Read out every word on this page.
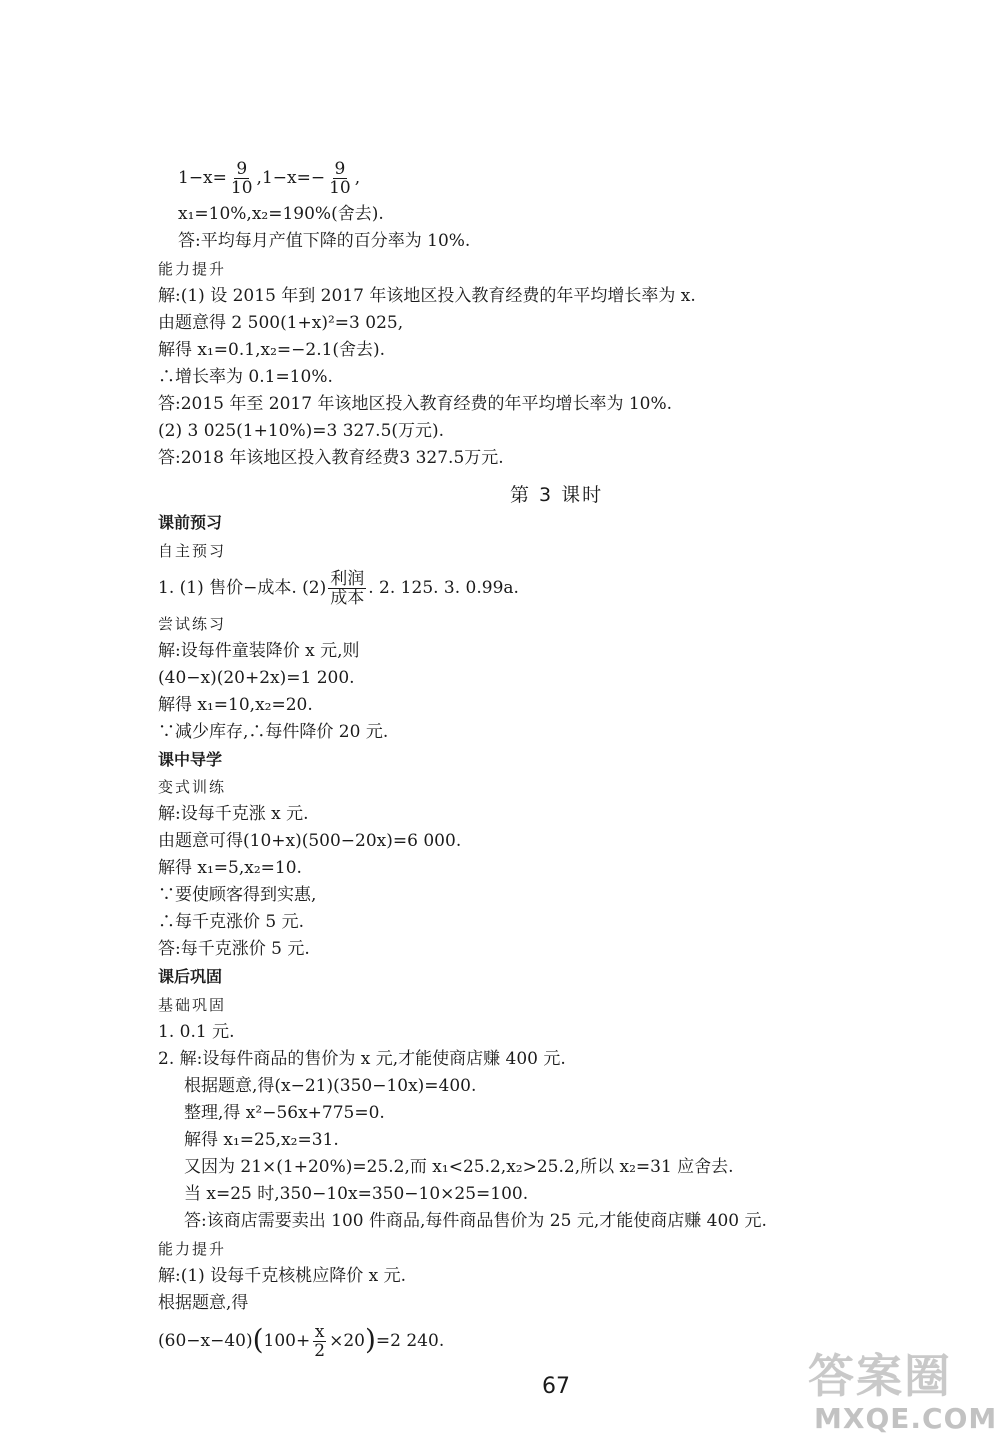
$1-x= \frac{9}{10} ,1-x=- \frac{9}{10}$ ,
x₁=10%,x₂=190%(舍去).
答:平均每月产值下降的百分率为 10%.
能力提升
解:(1) 设 2015 年到 2017 年该地区投入教育经费的年平均增长率为 x.
由题意得 2 500(1+x)²=3 025,
解得 x₁=0.1,x₂=−2.1(舍去).
∴增长率为 0.1=10%.
答:2015 年至 2017 年该地区投入教育经费的年平均增长率为 10%.
(2) 3 025(1+10%)=3 327.5(万元).
答:2018 年该地区投入教育经费3 327.5万元.
第 3 课时
课前预习
自主预习
1. (1) 售价−成本. $(2) \frac{\text{利润}}{\text{成本}}$ . 2. 125. 3. 0.99a.
尝试练习
解:设每件童装降价 x 元,则
(40−x)(20+2x)=1 200.
解得 x₁=10,x₂=20.
∵减少库存,∴每件降价 20 元.
课中导学
变式训练
解:设每千克涨 x 元.
由题意可得(10+x)(500−20x)=6 000.
解得 x₁=5,x₂=10.
∵要使顾客得到实惠,
∴每千克涨价 5 元.
答:每千克涨价 5 元.
课后巩固
基础巩固
1. 0.1 元.
2. 解:设每件商品的售价为 x 元,才能使商店赚 400 元.
根据题意,得(x−21)(350−10x)=400.
整理,得 x²−56x+775=0.
解得 x₁=25,x₂=31.
又因为 21×(1+20%)=25.2,而 x₁<25.2,x₂>25.2,所以 x₂=31 应舍去.
当 x=25 时,350−10x=350−10×25=100.
答:该商店需要卖出 100 件商品,每件商品售价为 25 元,才能使商店赚 400 元.
能力提升
解:(1) 设每千克核桃应降价 x 元.
根据题意,得
$(60-x-40)(100+ \frac{x}{2} \times 20)=2$ 240.
67	答案圈
MXQE.COM
